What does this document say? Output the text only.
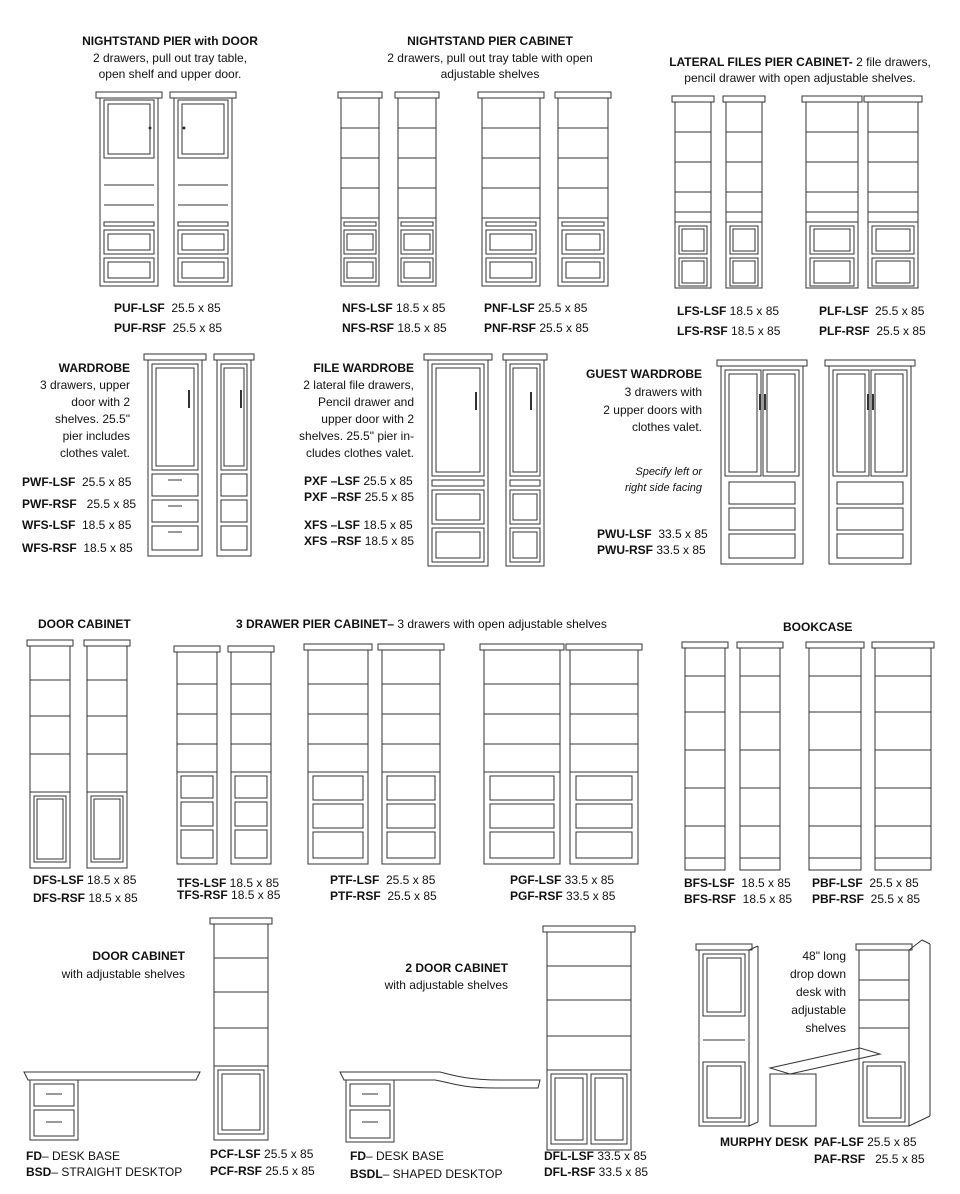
NIGHTSTAND PIER with DOOR
2 drawers, pull out tray table,
open shelf and upper door.
PUF-LSF 25.5 x 85
PUF-RSF 25.5 x 85
NIGHTSTAND PIER CABINET
2 drawers, pull out tray table with open
adjustable shelves
NFS-LSF 18.5 x 85
NFS-RSF 18.5 x 85
PNF-LSF 25.5 x 85
PNF-RSF 25.5 x 85
LATERAL FILES PIER CABINET- 2 file drawers,
pencil drawer with open adjustable shelves.
LFS-LSF 18.5 x 85
LFS-RSF 18.5 x 85
PLF-LSF 25.5 x 85
PLF-RSF 25.5 x 85
WARDROBE
3 drawers, upper
door with 2
shelves. 25.5"
pier includes
clothes valet.
PWF-LSF 25.5 x 85
PWF-RSF 25.5 x 85
WFS-LSF 18.5 x 85
WFS-RSF 18.5 x 85
FILE WARDROBE
2 lateral file drawers,
Pencil drawer and
upper door with 2
shelves. 25.5" pier in-
cludes clothes valet.
PXF –LSF 25.5 x 85
PXF –RSF 25.5 x 85
XFS –LSF 18.5 x 85
XFS –RSF 18.5 x 85
GUEST WARDROBE
3 drawers with
2 upper doors with
clothes valet.
Specify left or
right side facing
PWU-LSF 33.5 x 85
PWU-RSF 33.5 x 85
DOOR CABINET
DFS-LSF 18.5 x 85
DFS-RSF 18.5 x 85
3 DRAWER PIER CABINET– 3 drawers with open adjustable shelves
TFS-LSF 18.5 x 85
TFS-RSF 18.5 x 85
PTF-LSF 25.5 x 85
PTF-RSF 25.5 x 85
PGF-LSF 33.5 x 85
PGF-RSF 33.5 x 85
BOOKCASE
BFS-LSF 18.5 x 85
BFS-RSF 18.5 x 85
PBF-LSF 25.5 x 85
PBF-RSF 25.5 x 85
DOOR CABINET
with adjustable shelves
PCF-LSF 25.5 x 85
PCF-RSF 25.5 x 85
FD– DESK BASE
BSD– STRAIGHT DESKTOP
2 DOOR CABINET
with adjustable shelves
DFL-LSF 33.5 x 85
DFL-RSF 33.5 x 85
FD– DESK BASE
BSDL– SHAPED DESKTOP
48" long
drop down
desk with
adjustable
shelves
MURPHY DESK PAF-LSF 25.5 x 85
PAF-RSF 25.5 x 85
